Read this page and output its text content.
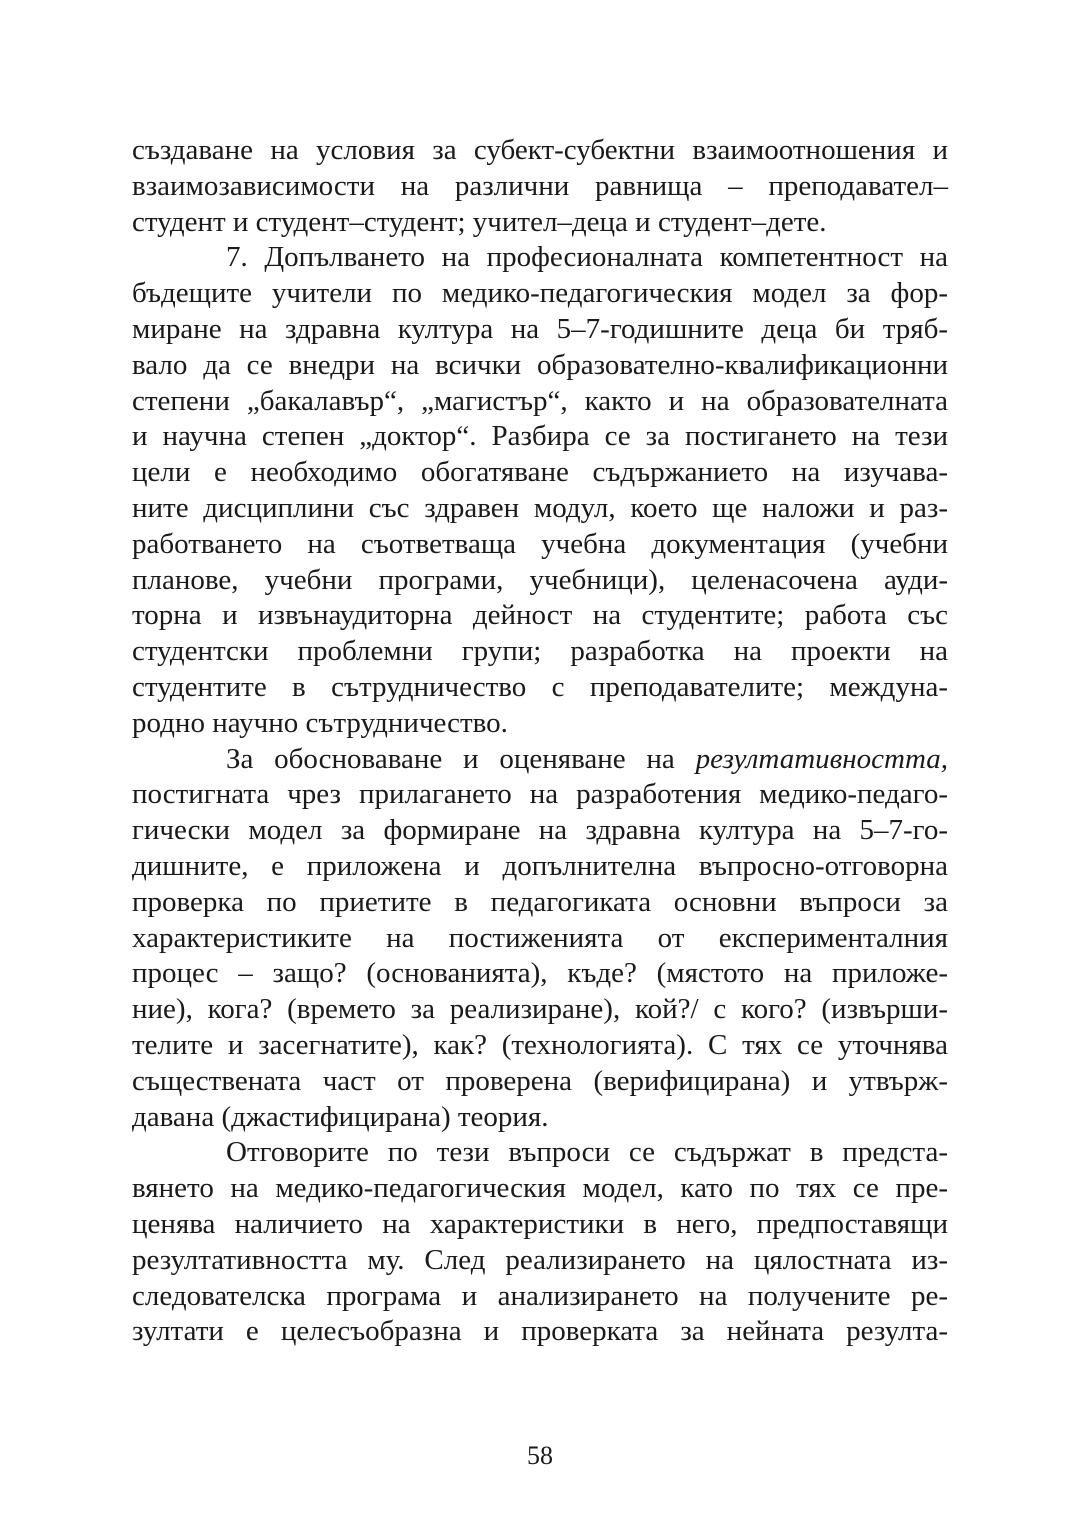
създаване на условия за субект-субектни взаимоотношения и
взаимозависимости на различни равнища – преподавател–
студент и студент–студент; учител–деца и студент–дете.
7. Допълването на професионалната компетентност на
бъдещите учители по медико-педагогическия модел за фор-
миране на здравна култура на 5–7-годишните деца би тряб-
вало да се внедри на всички образователно-квалификационни
степени „бакалавър“, „магистър“, както и на образователната
и научна степен „доктор“. Разбира се за постигането на тези
цели е необходимо обогатяване съдържанието на изучава-
ните дисциплини със здравен модул, което ще наложи и раз-
работването на съответваща учебна документация (учебни
планове, учебни програми, учебници), целенасочена ауди-
торна и извънаудиторна дейност на студентите; работа със
студентски проблемни групи; разработка на проекти на
студентите в сътрудничество с преподавателите; междуна-
родно научно сътрудничество.
За обосноваване и оценяване на резултативността,
постигната чрез прилагането на разработения медико-педаго-
гически модел за формиране на здравна култура на 5–7-го-
дишните, е приложена и допълнителна въпросно-отговорна
проверка по приетите в педагогиката основни въпроси за
характеристиките на постиженията от експерименталния
процес – защо? (основанията), къде? (мястото на приложе-
ние), кога? (времето за реализиране), кой?/ с кого? (извърши-
телите и засегнатите), как? (технологията). С тях се уточнява
съществената част от проверена (верифицирана) и утвърж-
давана (джастифицирана) теория.
Отговорите по тези въпроси се съдържат в предста-
вянето на медико-педагогическия модел, като по тях се пре-
ценява наличието на характеристики в него, предпоставящи
резултативността му. След реализирането на цялостната из-
следователска програма и анализирането на получените ре-
зултати е целесъобразна и проверката за нейната резулта-
58
